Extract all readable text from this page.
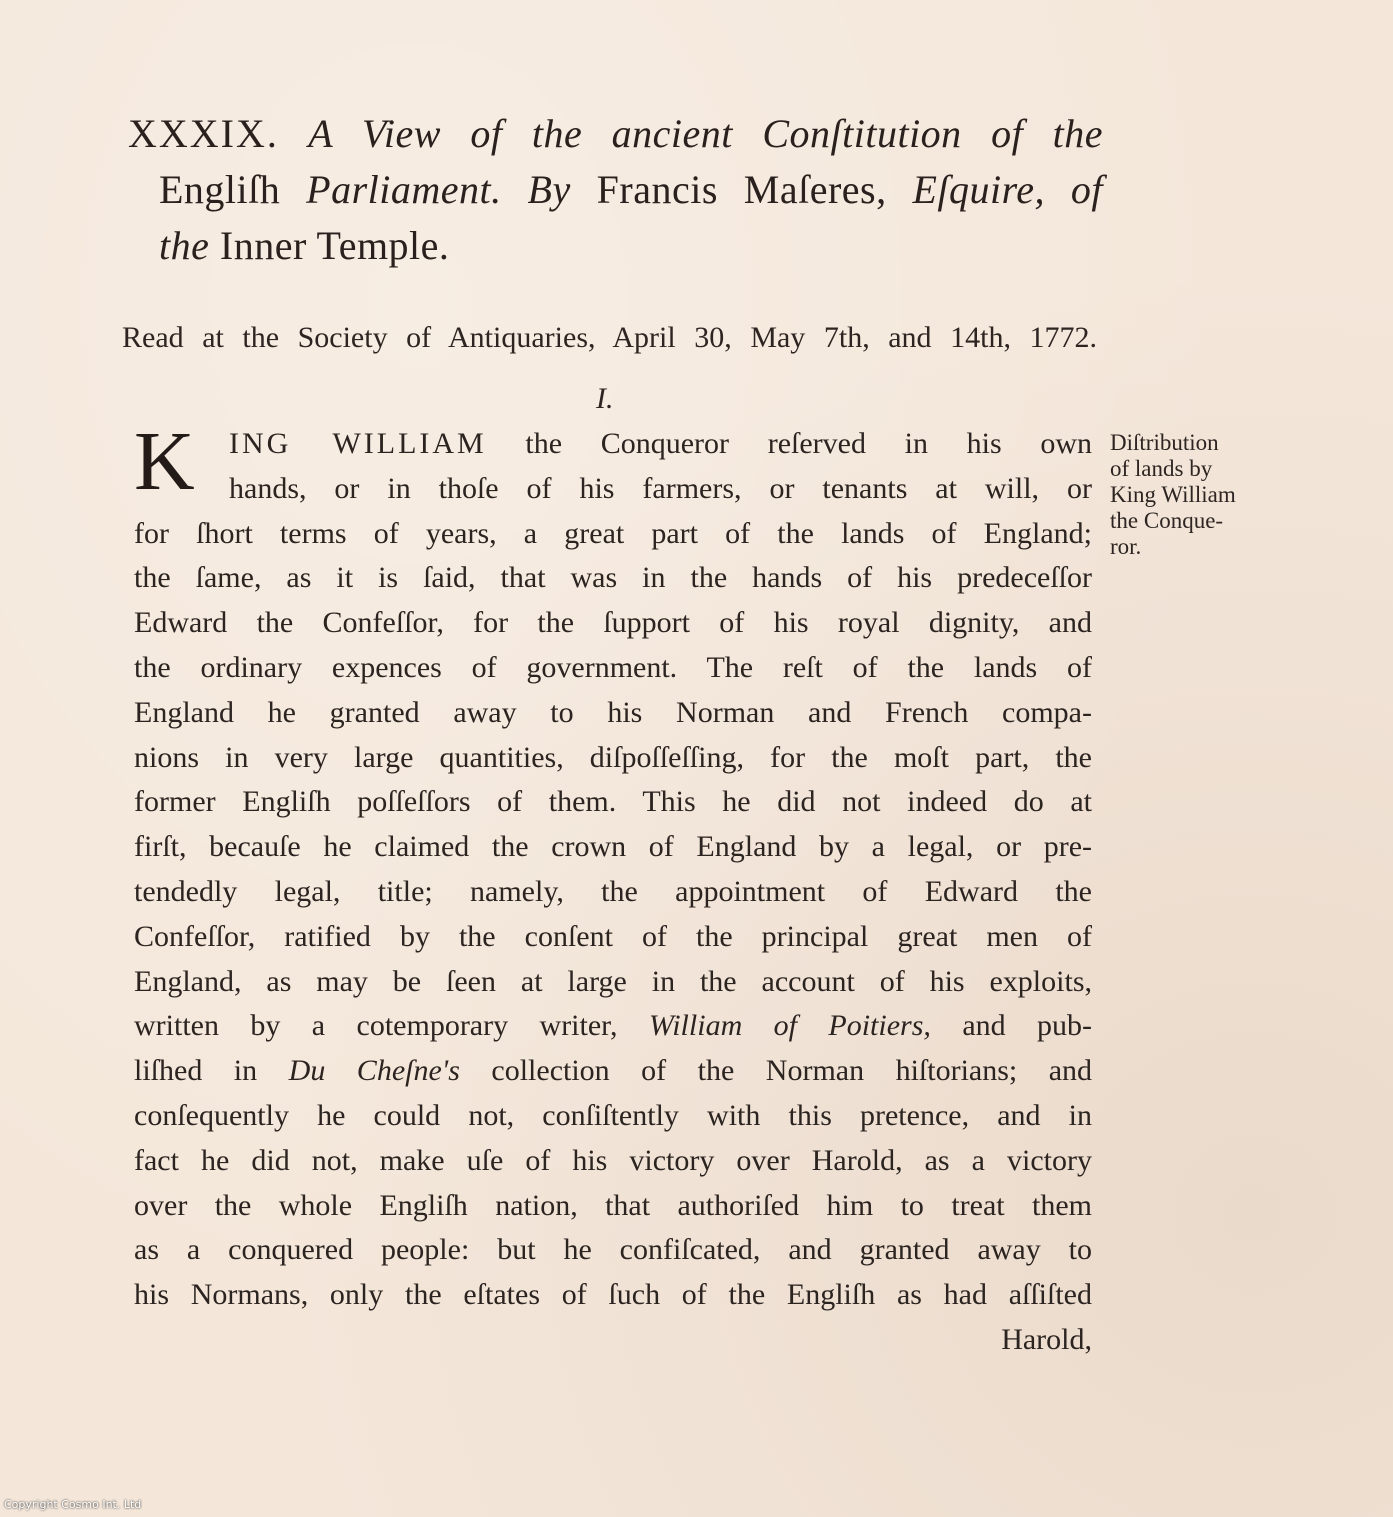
XXXIX. A View of the ancient Conſtitution of the
Engliſh Parliament. By Francis Maſeres, Eſquire, of
the Inner Temple.
Read at the Society of Antiquaries, April 30, May 7th, and 14th, 1772.
I.
K	ING WILLIAM the Conqueror reſerved in his own
hands, or in thoſe of his farmers, or tenants at will, or
for ſhort terms of years, a great part of the lands of England;
the ſame, as it is ſaid, that was in the hands of his predeceſſor
Edward the Confeſſor, for the ſupport of his royal dignity, and
the ordinary expences of government. The reſt of the lands of
England he granted away to his Norman and French compa-
nions in very large quantities, diſpoſſeſſing, for the moſt part, the
former Engliſh poſſeſſors of them. This he did not indeed do at
firſt, becauſe he claimed the crown of England by a legal, or pre-
tendedly legal, title; namely, the appointment of Edward the
Confeſſor, ratified by the conſent of the principal great men of
England, as may be ſeen at large in the account of his exploits,
written by a cotemporary writer, William of Poitiers, and pub-
liſhed in Du Cheſne's collection of the Norman hiſtorians; and
conſequently he could not, conſiſtently with this pretence, and in
fact he did not, make uſe of his victory over Harold, as a victory
over the whole Engliſh nation, that authoriſed him to treat them
as a conquered people: but he confiſcated, and granted away to
his Normans, only the eſtates of ſuch of the Engliſh as had aſſiſted
Harold,
Diſtribution
of lands by
King William
the Conque-
ror.
Copyright Cosmo Int. Ltd
